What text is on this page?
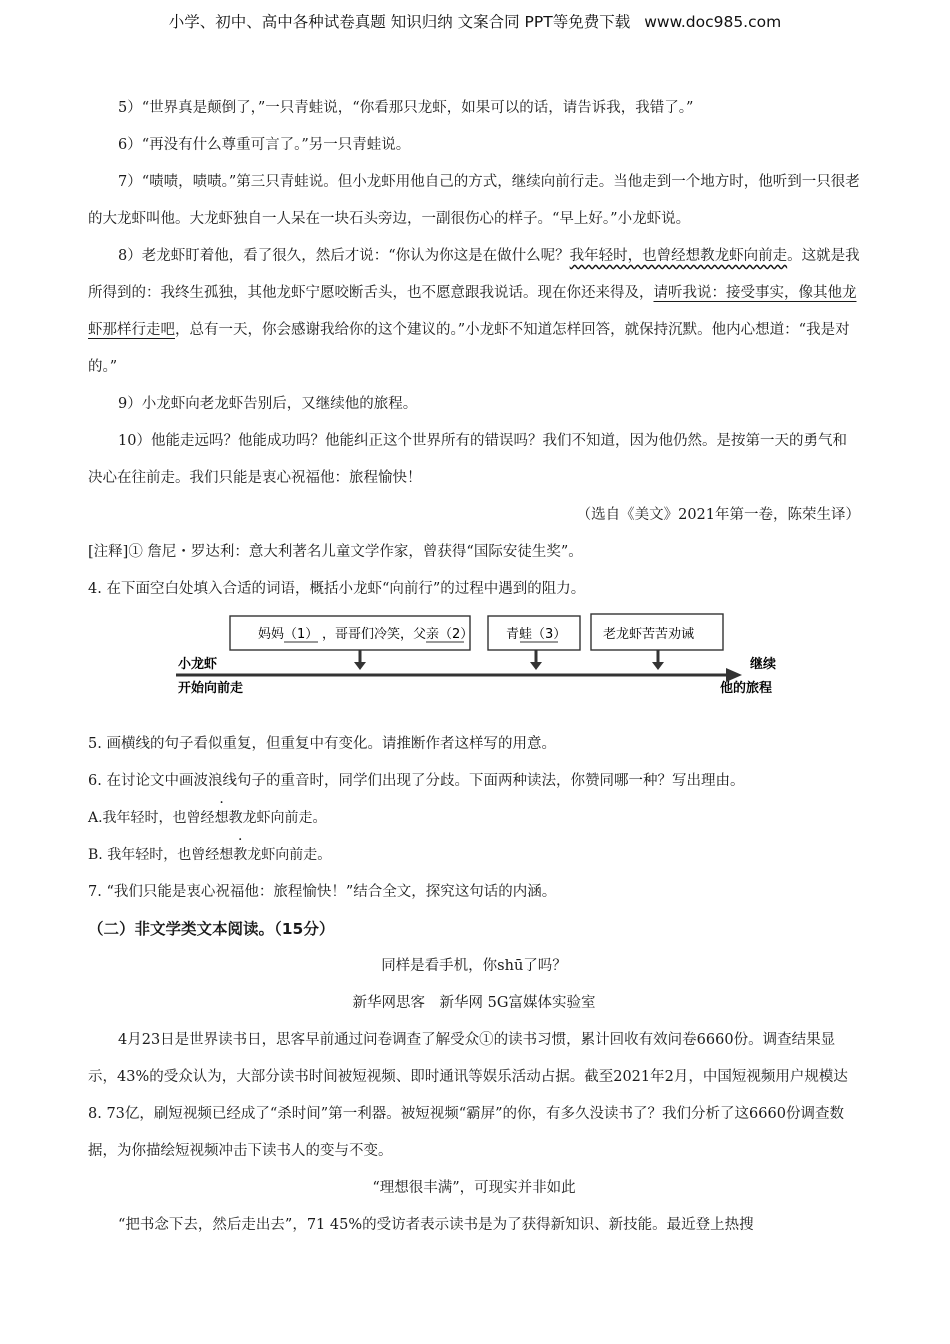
小学、初中、高中各种试卷真题 知识归纳 文案合同 PPT等免费下载 www.doc985.com

5）“世界真是颠倒了，”一只青蛙说，“你看那只龙虾，如果可以的话，请告诉我，我错了。”

6）“再没有什么尊重可言了。”另一只青蛙说。

7）“啧啧，啧啧。”第三只青蛙说。但小龙虾用他自己的方式，继续向前行走。当他走到一个地方时，他听到一只很老的大龙虾叫他。大龙虾独自一人呆在一块石头旁边，一副很伤心的样子。“早上好。”小龙虾说。

8）老龙虾盯着他，看了很久，然后才说：“你认为你这是在做什么呢？我年轻时，也曾经想教龙虾向前走。这就是我所得到的：我终生孤独，其他龙虾宁愿咬断舌头，也不愿意跟我说话。现在你还来得及，请听我说：接受事实，像其他龙虾那样行走吧，总有一天，你会感谢我给你的这个建议的。”小龙虾不知道怎样回答，就保持沉默。他内心想道：“我是对的。”

9）小龙虾向老龙虾告别后，又继续他的旅程。

10）他能走远吗？他能成功吗？他能纠正这个世界所有的错误吗？我们不知道，因为他仍然。是按第一天的勇气和决心在往前走。我们只能是衷心祝福他：旅程愉快！

（选自《美文》2021年第一卷，陈荣生译）

[注释]① 詹尼・罗达利：意大利著名儿童文学作家，曾获得“国际安徒生奖”。

4. 在下面空白处填入合适的词语，概括小龙虾“向前行”的过程中遇到的阻力。

妈妈（1） ，哥哥们冷笑，父亲（2）	青蛙（3）	老龙虾苦苦劝诫
小龙虾
开始向前走
继续
他的旅程

5. 画横线的句子看似重复，但重复中有变化。请推断作者这样写的用意。

6. 在讨论文中画波浪线句子的重音时，同学们出现了分歧。下面两种读法，你赞同哪一种？写出理由。

A.我年轻时，也曾经想教龙虾向前走。

B. 我年轻时，也曾经想教龙虾向前走。

7. “我们只能是衷心祝福他：旅程愉快！”结合全文，探究这句话的内涵。

（二）非文学类文本阅读。（15分）

同样是看手机，你shū了吗？

新华网思客　新华网 5G富媒体实验室

4月23日是世界读书日，思客早前通过问卷调查了解受众①的读书习惯，累计回收有效问卷6660份。调查结果显示，43%的受众认为，大部分读书时间被短视频、即时通讯等娱乐活动占据。截至2021年2月，中国短视频用户规模达8. 73亿，刷短视频已经成了“杀时间”第一利器。被短视频“霸屏”的你，有多久没读书了？我们分析了这6660份调查数据，为你描绘短视频冲击下读书人的变与不变。

“理想很丰满”，可现实并非如此

“把书念下去，然后走出去”，71 45%的受访者表示读书是为了获得新知识、新技能。最近登上热搜
